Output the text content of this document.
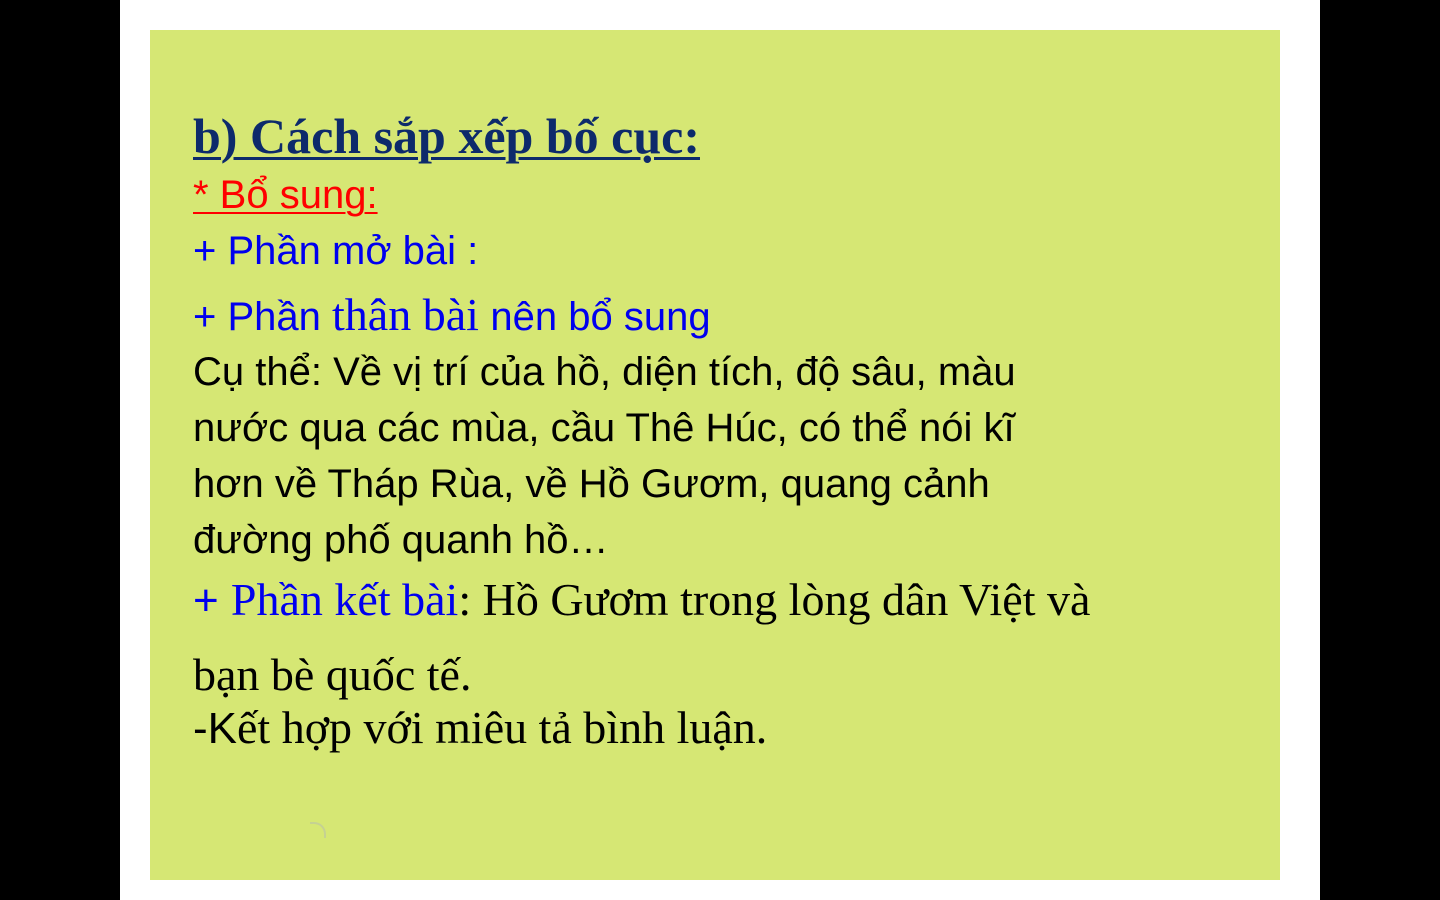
b) Cách sắp xếp bố cục:

* Bổ sung:

+ Phần mở bài :

+ Phần thân bài nên bổ sung

Cụ thể: Về vị trí của hồ, diện tích, độ sâu, màu
nước qua các mùa, cầu Thê Húc, có thể nói kĩ
hơn về Tháp Rùa, về Hồ Gươm, quang cảnh
đường phố quanh hồ…

+ Phần kết bài: Hồ Gươm trong lòng dân Việt và
bạn bè quốc tế.

-Kết hợp với miêu tả bình luận.
